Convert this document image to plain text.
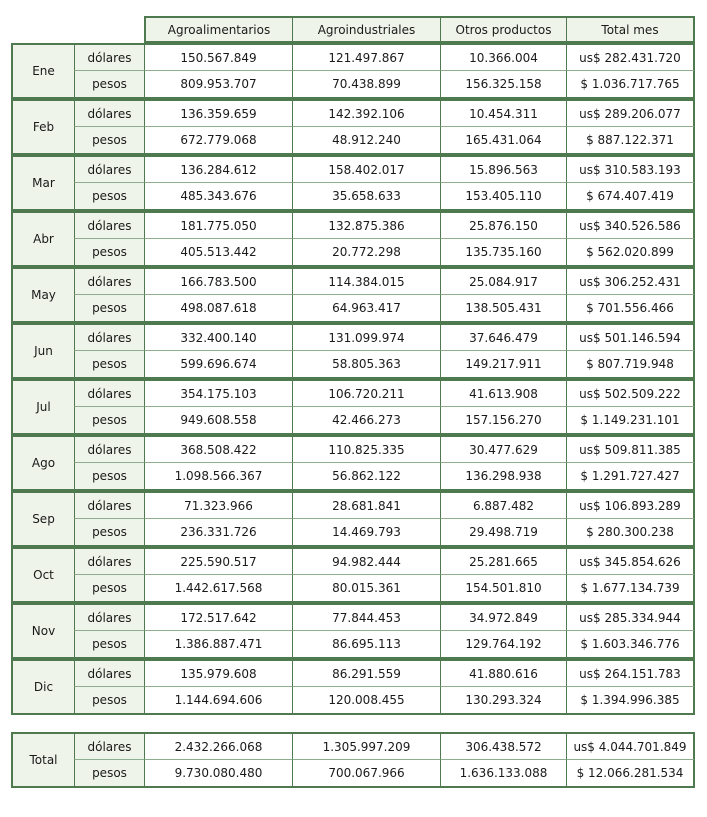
		Agroalimentarios	Agroindustriales	Otros productos	Total mes
Ene	dólares	150.567.849	121.497.867	10.366.004	us$ 282.431.720
	pesos	809.953.707	70.438.899	156.325.158	$ 1.036.717.765
Feb	dólares	136.359.659	142.392.106	10.454.311	us$ 289.206.077
	pesos	672.779.068	48.912.240	165.431.064	$ 887.122.371
Mar	dólares	136.284.612	158.402.017	15.896.563	us$ 310.583.193
	pesos	485.343.676	35.658.633	153.405.110	$ 674.407.419
Abr	dólares	181.775.050	132.875.386	25.876.150	us$ 340.526.586
	pesos	405.513.442	20.772.298	135.735.160	$ 562.020.899
May	dólares	166.783.500	114.384.015	25.084.917	us$ 306.252.431
	pesos	498.087.618	64.963.417	138.505.431	$ 701.556.466
Jun	dólares	332.400.140	131.099.974	37.646.479	us$ 501.146.594
	pesos	599.696.674	58.805.363	149.217.911	$ 807.719.948
Jul	dólares	354.175.103	106.720.211	41.613.908	us$ 502.509.222
	pesos	949.608.558	42.466.273	157.156.270	$ 1.149.231.101
Ago	dólares	368.508.422	110.825.335	30.477.629	us$ 509.811.385
	pesos	1.098.566.367	56.862.122	136.298.938	$ 1.291.727.427
Sep	dólares	71.323.966	28.681.841	6.887.482	us$ 106.893.289
	pesos	236.331.726	14.469.793	29.498.719	$ 280.300.238
Oct	dólares	225.590.517	94.982.444	25.281.665	us$ 345.854.626
	pesos	1.442.617.568	80.015.361	154.501.810	$ 1.677.134.739
Nov	dólares	172.517.642	77.844.453	34.972.849	us$ 285.334.944
	pesos	1.386.887.471	86.695.113	129.764.192	$ 1.603.346.776
Dic	dólares	135.979.608	86.291.559	41.880.616	us$ 264.151.783
	pesos	1.144.694.606	120.008.455	130.293.324	$ 1.394.996.385
Total	dólares	2.432.266.068	1.305.997.209	306.438.572	us$ 4.044.701.849
	pesos	9.730.080.480	700.067.966	1.636.133.088	$ 12.066.281.534
